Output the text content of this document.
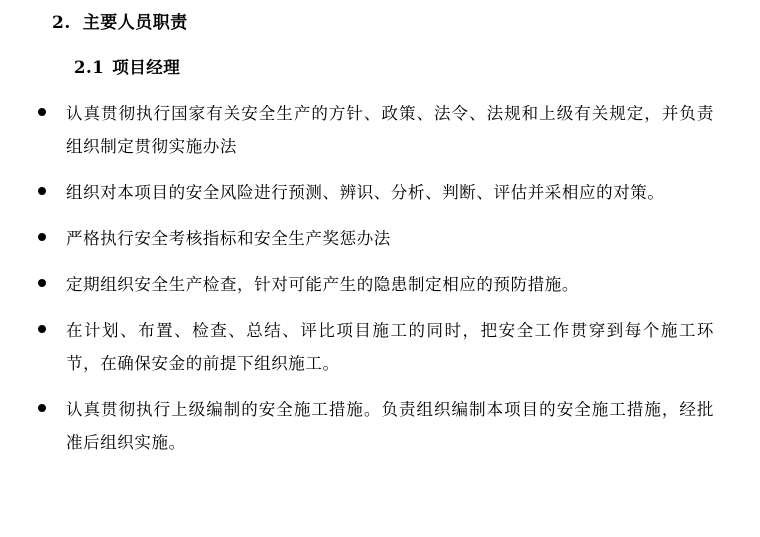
2. 主要人员职责
2.1 项目经理
认真贯彻执行国家有关安全生产的方针、政策、法令、法规和上级有关规定，并负责组织制定贯彻实施办法
组织对本项目的安全风险进行预测、辨识、分析、判断、评估并采相应的对策。
严格执行安全考核指标和安全生产奖惩办法
定期组织安全生产检查，针对可能产生的隐患制定相应的预防措施。
在计划、布置、检查、总结、评比项目施工的同时，把安全工作贯穿到每个施工环节，在确保安金的前提下组织施工。
认真贯彻执行上级编制的安全施工措施。负责组织编制本项目的安全施工措施，经批准后组织实施。
